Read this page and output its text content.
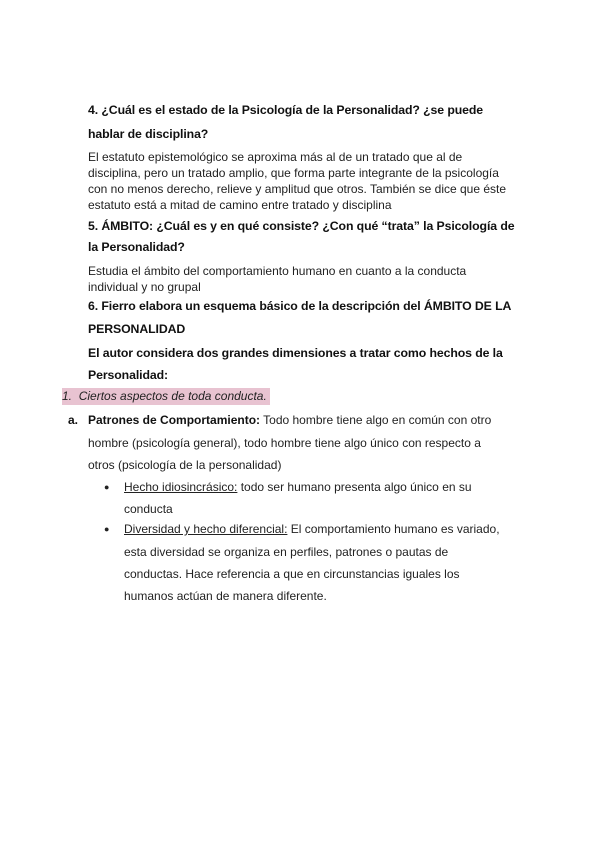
4. ¿Cuál es el estado de la Psicología de la Personalidad? ¿se puede
hablar de disciplina?
El estatuto epistemológico se aproxima más al de un tratado que al de
disciplina, pero un tratado amplio, que forma parte integrante de la psicología
con no menos derecho, relieve y amplitud que otros. También se dice que éste
estatuto está a mitad de camino entre tratado y disciplina
5. ÁMBITO: ¿Cuál es y en qué consiste? ¿Con qué “trata” la Psicología de
la Personalidad?
Estudia el ámbito del comportamiento humano en cuanto a la conducta
individual y no grupal
6. Fierro elabora un esquema básico de la descripción del ÁMBITO DE LA
PERSONALIDAD
El autor considera dos grandes dimensiones a tratar como hechos de la
Personalidad:
1. Ciertos aspectos de toda conducta.
a. Patrones de Comportamiento: Todo hombre tiene algo en común con otro
hombre (psicología general), todo hombre tiene algo único con respecto a
otros (psicología de la personalidad)
● Hecho idiosincrásico: todo ser humano presenta algo único en su
conducta
● Diversidad y hecho diferencial: El comportamiento humano es variado,
esta diversidad se organiza en perfiles, patrones o pautas de
conductas. Hace referencia a que en circunstancias iguales los
humanos actúan de manera diferente.
